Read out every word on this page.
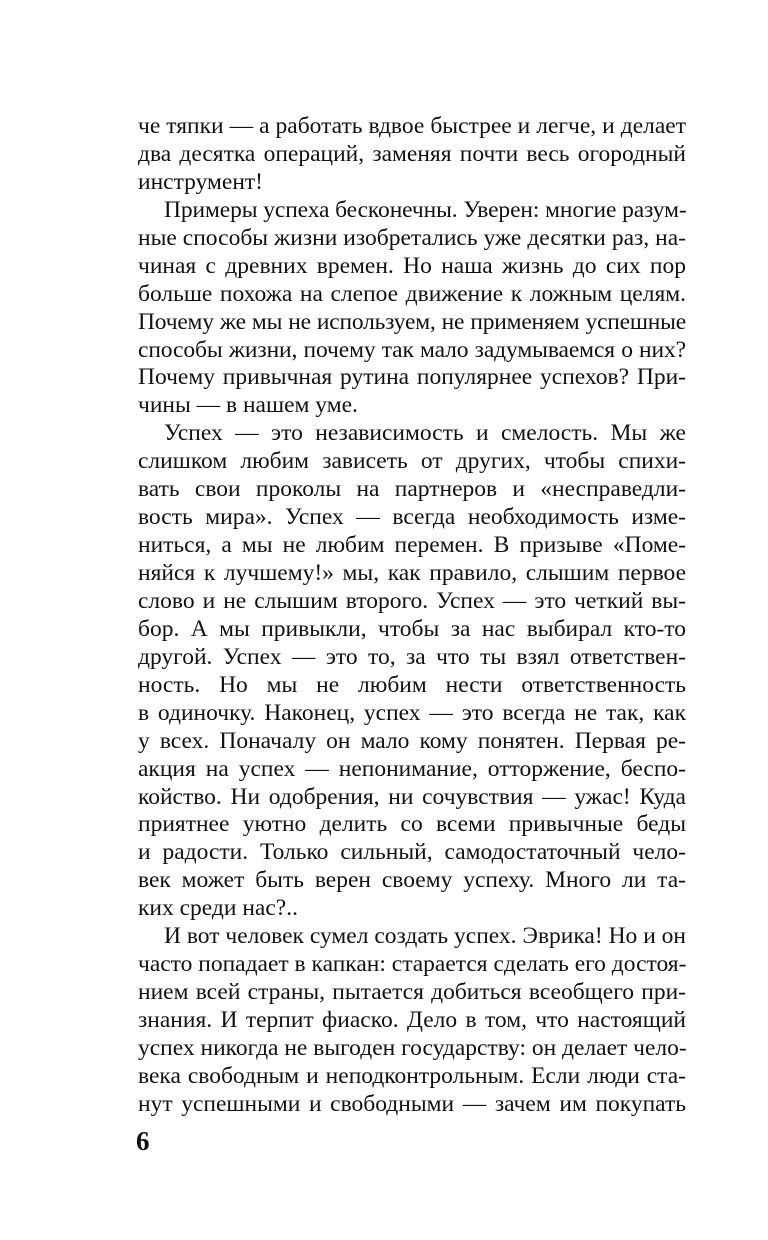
че тяпки — а работать вдвое быстрее и легче, и делает
два десятка операций, заменяя почти весь огородный
инструмент!
Примеры успеха бесконечны. Уверен: многие разум-
ные способы жизни изобретались уже десятки раз, на-
чиная с древних времен. Но наша жизнь до сих пор
больше похожа на слепое движение к ложным целям.
Почему же мы не используем, не применяем успешные
способы жизни, почему так мало задумываемся о них?
Почему привычная рутина популярнее успехов? При-
чины — в нашем уме.
Успех — это независимость и смелость. Мы же
слишком любим зависеть от других, чтобы спихи-
вать свои проколы на партнеров и «несправедли-
вость мира». Успех — всегда необходимость изме-
ниться, а мы не любим перемен. В призыве «Поме-
няйся к лучшему!» мы, как правило, слышим первое
слово и не слышим второго. Успех — это четкий вы-
бор. А мы привыкли, чтобы за нас выбирал кто-то
другой. Успех — это то, за что ты взял ответствен-
ность. Но мы не любим нести ответственность
в одиночку. Наконец, успех — это всегда не так, как
у всех. Поначалу он мало кому понятен. Первая ре-
акция на успех — непонимание, отторжение, беспо-
койство. Ни одобрения, ни сочувствия — ужас! Куда
приятнее уютно делить со всеми привычные беды
и радости. Только сильный, самодостаточный чело-
век может быть верен своему успеху. Много ли та-
ких среди нас?..
И вот человек сумел создать успех. Эврика! Но и он
часто попадает в капкан: старается сделать его достоя-
нием всей страны, пытается добиться всеобщего при-
знания. И терпит фиаско. Дело в том, что настоящий
успех никогда не выгоден государству: он делает чело-
века свободным и неподконтрольным. Если люди ста-
нут успешными и свободными — зачем им покупать
6
